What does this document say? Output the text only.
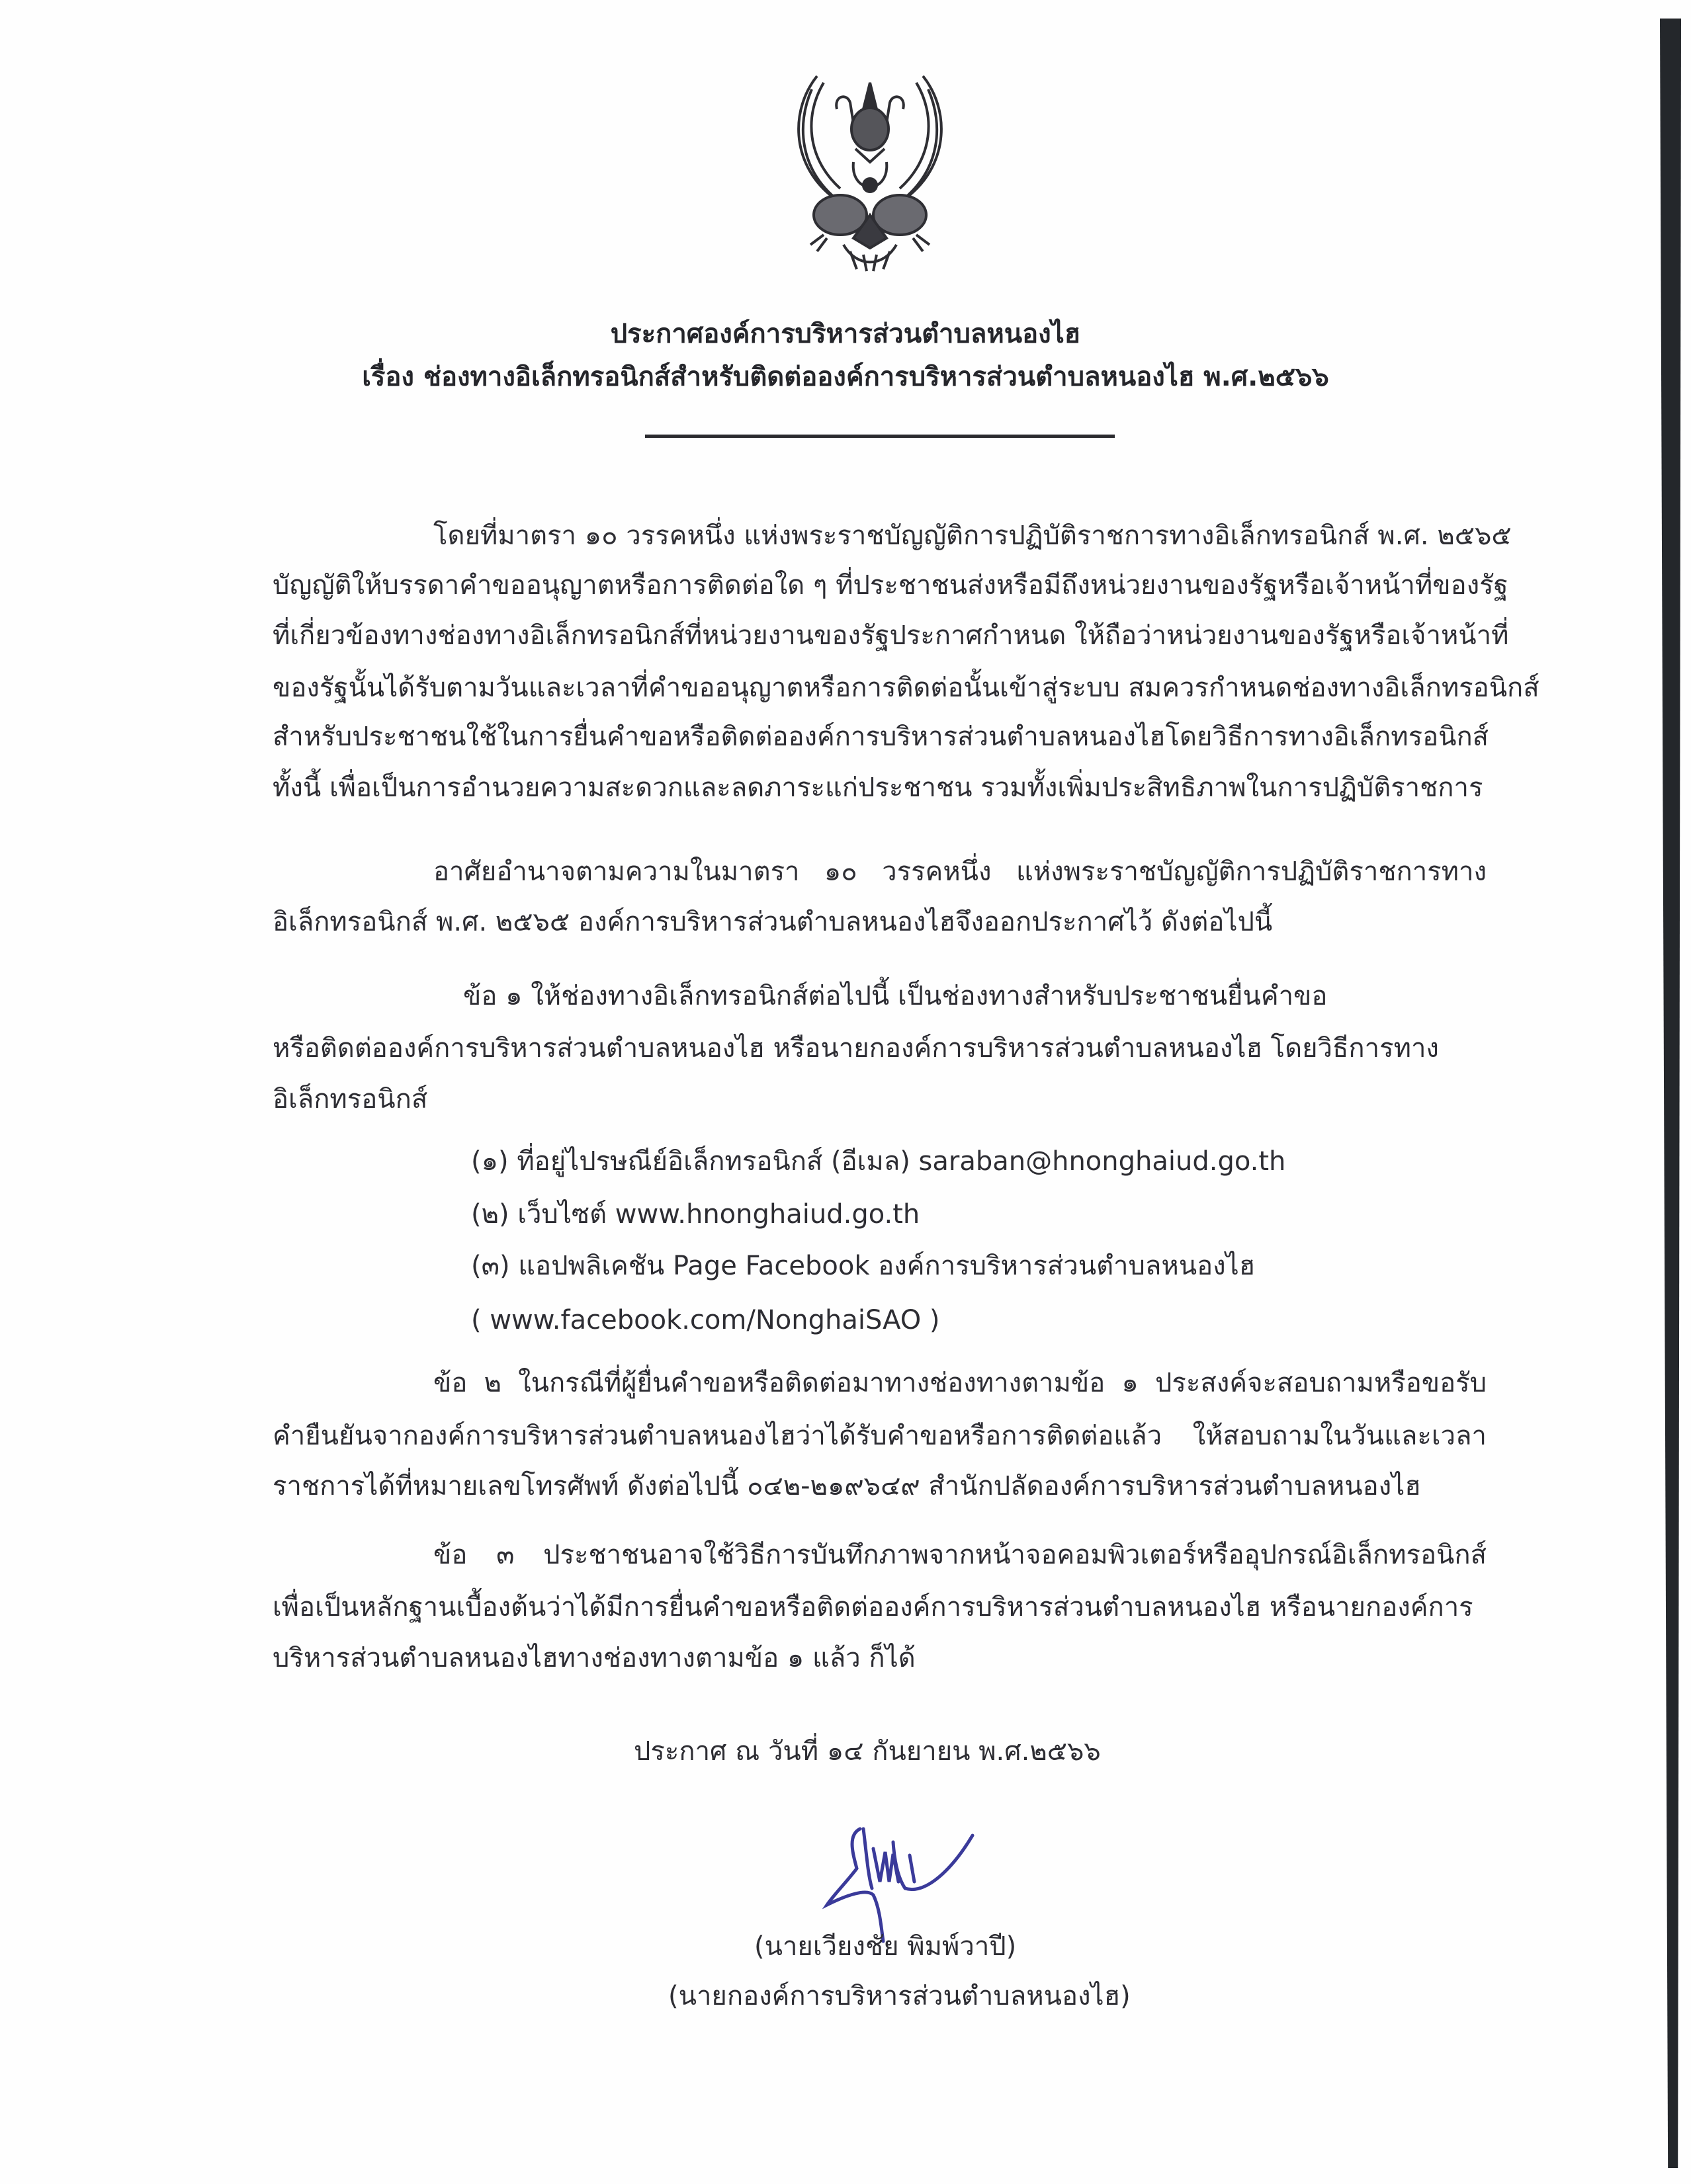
ประกาศองค์การบริหารส่วนตำบลหนองไฮ
เรื่อง ช่องทางอิเล็กทรอนิกส์สำหรับติดต่อองค์การบริหารส่วนตำบลหนองไฮ พ.ศ.๒๕๖๖
โดยที่มาตรา ๑๐ วรรคหนึ่ง แห่งพระราชบัญญัติการปฏิบัติราชการทางอิเล็กทรอนิกส์ พ.ศ. ๒๕๖๕
บัญญัติให้บรรดาคำขออนุญาตหรือการติดต่อใด ๆ ที่ประชาชนส่งหรือมีถึงหน่วยงานของรัฐหรือเจ้าหน้าที่ของรัฐ
ที่เกี่ยวข้องทางช่องทางอิเล็กทรอนิกส์ที่หน่วยงานของรัฐประกาศกำหนด ให้ถือว่าหน่วยงานของรัฐหรือเจ้าหน้าที่
ของรัฐนั้นได้รับตามวันและเวลาที่คำขออนุญาตหรือการติดต่อนั้นเข้าสู่ระบบ สมควรกำหนดช่องทางอิเล็กทรอนิกส์
สำหรับประชาชนใช้ในการยื่นคำขอหรือติดต่อองค์การบริหารส่วนตำบลหนองไฮโดยวิธีการทางอิเล็กทรอนิกส์
ทั้งนี้ เพื่อเป็นการอำนวยความสะดวกและลดภาระแก่ประชาชน รวมทั้งเพิ่มประสิทธิภาพในการปฏิบัติราชการ
อาศัยอำนาจตามความในมาตรา ๑๐ วรรคหนึ่ง แห่งพระราชบัญญัติการปฏิบัติราชการทาง
อิเล็กทรอนิกส์ พ.ศ. ๒๕๖๕ องค์การบริหารส่วนตำบลหนองไฮจึงออกประกาศไว้ ดังต่อไปนี้
ข้อ ๑ ให้ช่องทางอิเล็กทรอนิกส์ต่อไปนี้ เป็นช่องทางสำหรับประชาชนยื่นคำขอ
หรือติดต่อองค์การบริหารส่วนตำบลหนองไฮ หรือนายกองค์การบริหารส่วนตำบลหนองไฮ โดยวิธีการทาง
อิเล็กทรอนิกส์
(๑) ที่อยู่ไปรษณีย์อิเล็กทรอนิกส์ (อีเมล) saraban@hnonghaiud.go.th
(๒) เว็บไซต์ www.hnonghaiud.go.th
(๓) แอปพลิเคชัน Page Facebook องค์การบริหารส่วนตำบลหนองไฮ
( www.facebook.com/NonghaiSAO )
ข้อ ๒ ในกรณีที่ผู้ยื่นคำขอหรือติดต่อมาทางช่องทางตามข้อ ๑ ประสงค์จะสอบถามหรือขอรับ
คำยืนยันจากองค์การบริหารส่วนตำบลหนองไฮว่าได้รับคำขอหรือการติดต่อแล้ว ให้สอบถามในวันและเวลา
ราชการได้ที่หมายเลขโทรศัพท์ ดังต่อไปนี้ ๐๔๒-๒๑๙๖๔๙ สำนักปลัดองค์การบริหารส่วนตำบลหนองไฮ
ข้อ ๓ ประชาชนอาจใช้วิธีการบันทึกภาพจากหน้าจอคอมพิวเตอร์หรืออุปกรณ์อิเล็กทรอนิกส์
เพื่อเป็นหลักฐานเบื้องต้นว่าได้มีการยื่นคำขอหรือติดต่อองค์การบริหารส่วนตำบลหนองไฮ หรือนายกองค์การ
บริหารส่วนตำบลหนองไฮทางช่องทางตามข้อ ๑ แล้ว ก็ได้
ประกาศ ณ วันที่ ๑๔ กันยายน พ.ศ.๒๕๖๖
(นายเวียงชัย พิมพ์วาปี)
(นายกองค์การบริหารส่วนตำบลหนองไฮ)
